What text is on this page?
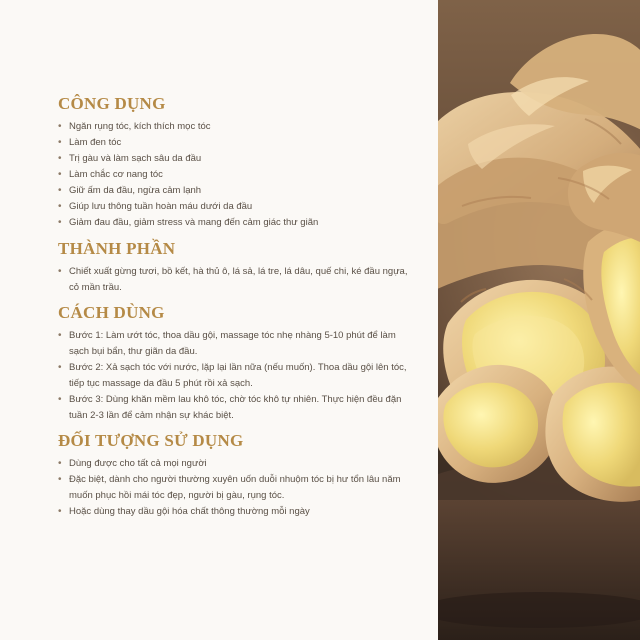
CÔNG DỤNG
• Ngăn rụng tóc, kích thích mọc tóc
• Làm đen tóc
• Trị gàu và làm sạch sâu da đầu
• Làm chắc cơ nang tóc
• Giữ ấm da đầu, ngừa cảm lạnh
• Giúp lưu thông tuần hoàn máu dưới da đầu
• Giảm đau đầu, giảm stress và mang đến cảm giác thư giãn
THÀNH PHẦN
• Chiết xuất gừng tươi, bồ kết, hà thủ ô, lá sả, lá tre, lá dâu, quế chi, ké đầu ngựa, cỏ mần trầu.
CÁCH DÙNG
• Bước 1: Làm ướt tóc, thoa dầu gội, massage tóc nhẹ nhàng 5-10 phút để làm sạch bụi bẩn, thư giãn da đầu.
• Bước 2: Xả sạch tóc với nước, lặp lại lần nữa (nếu muốn). Thoa dầu gội lên tóc, tiếp tục massage da đầu 5 phút rồi xả sạch.
• Bước 3: Dùng khăn mềm lau khô tóc, chờ tóc khô tự nhiên. Thực hiện đều đặn tuần 2-3 lần để cảm nhận sự khác biệt.
ĐỐI TƯỢNG SỬ DỤNG
• Dùng được cho tất cả mọi người
• Đặc biệt, dành cho người thường xuyên uốn duỗi nhuộm tóc bị hư tổn lâu năm muốn phục hồi mái tóc đẹp, người bị gàu, rụng tóc.
• Hoặc dùng thay dầu gội hóa chất thông thường mỗi ngày
